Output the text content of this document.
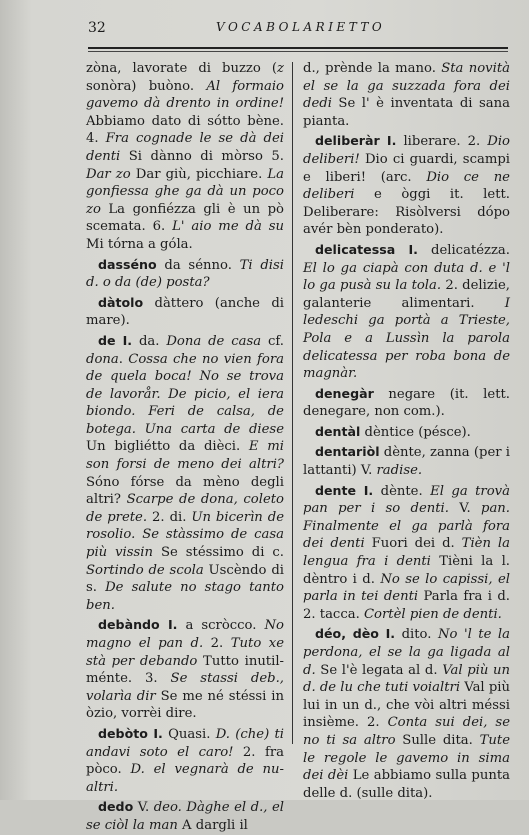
32	VOCABOLARIETTO

zòna, lavorate di buzzo (z sonòra) buòno. Al formaio gavemo dà drento in ordine! Abbiamo dato di sótto bène. 4. Fra cognade le se dà dei denti Si dànno di mòrso 5. Dar zo Dar giù, picchiare. La gonfiessa ghe ga dà un poco zo La gonfiézza gli è un pò scemata. 6. L' aio me dà su Mi tórna a góla.

dasséno da sénno. Ti disi d. o da (de) posta?

dàtolo dàttero (anche di mare).

de I. da. Dona de casa cf. dona. Cossa che no vien fora de quela boca! No se trova de lavorår. De picio, el iera biondo. Feri de calsa, de botega. Una carta de diese Un bigliétto da dièci. E mi son forsi de meno dei altri? Sóno fórse da mèno degli altri? Scarpe de dona, coleto de prete. 2. di. Un bicerìn de rosolio. Se stàssimo de casa più vissin Se stéssimo di c. Sortindo de scola Uscèndo di s. De salute no stago tanto ben.

debàndo I. a scròcco. No magno el pan d. 2. Tuto xe stà per debando Tutto inutil-ménte. 3. Se stassi deb., volarìa dir Se me né stéssi in òzio, vorrèi dire.

debòto I. Quasi. D. (che) ti andavi soto el caro! 2. fra pòco. D. el vegnarà de nu-altri.

dedo V. deo. Dàghe el d., el se ciòl la man A dargli il

d., prènde la mano. Sta novità el se la ga suzzada fora dei dedi Se l' è inventata di sana pianta.

deliberàr I. liberare. 2. Dio deliberi! Dio ci guardi, scampi e liberi! (arc. Dio ce ne deliberi e òggi it. lett. Deliberare: Risòlversi dópo avér bèn ponderato).

delicatessa I. delicatézza. El lo ga ciapà con duta d. e 'l lo ga pusà su la tola. 2. delizie, galanterie alimentari. I ledeschi ga portà a Trieste, Pola e a Lussìn la parola delicatessa per roba bona de magnàr.

denegàr negare (it. lett. denegare, non com.).

dentàl dèntice (pésce).

dentariòl dènte, zanna (per i lattanti) V. radise.

dente I. dènte. El ga trovà pan per i so denti. V. pan. Finalmente el ga parlà fora dei denti Fuori dei d. Tièn la lengua fra i denti Tièni la l. dèntro i d. No se lo capissi, el parla in tei denti Parla fra i d. 2. tacca. Cortèl pien de denti.

déo, dèo I. dito. No 'l te la perdona, el se la ga ligada al d. Se l'è legata al d. Val più un d. de lu che tuti voialtri Val più lui in un d., che vòi altri méssi insième. 2. Conta sui dei, se no ti sa altro Sulle dita. Tute le regole le gavemo in sima dei dèi Le abbiamo sulla punta delle d. (sulle dita).
